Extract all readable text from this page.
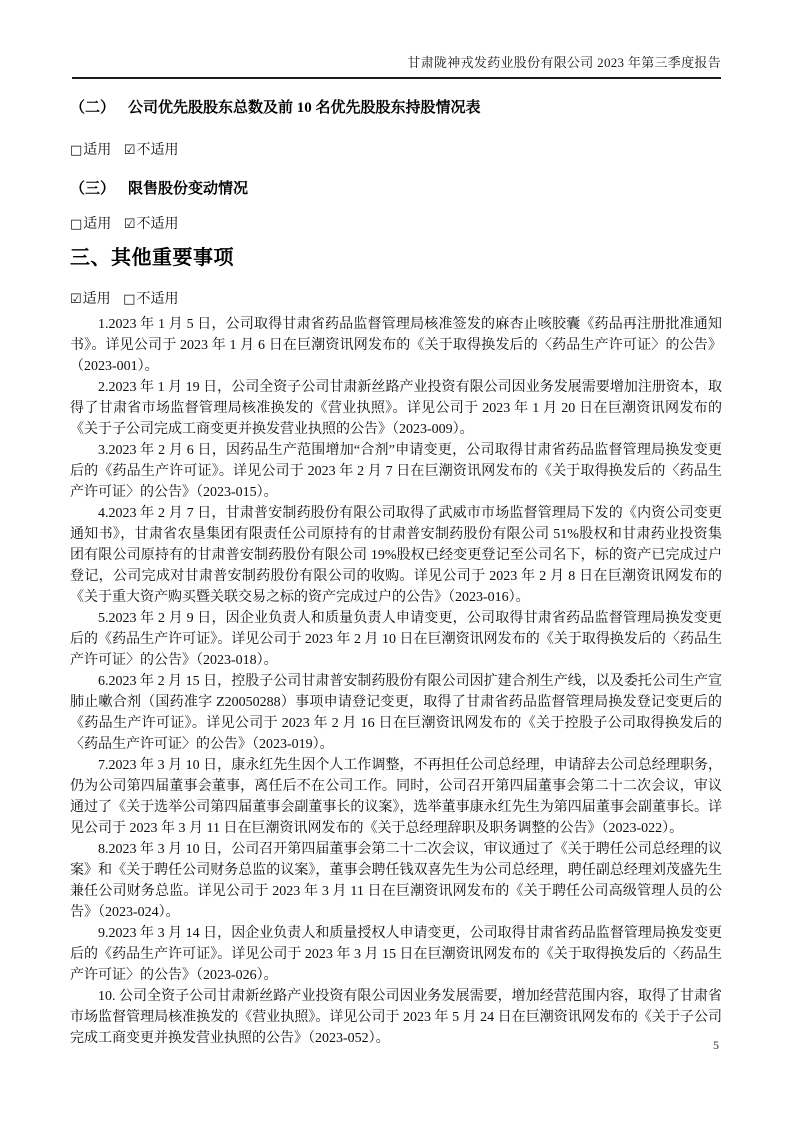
甘肃陇神戎发药业股份有限公司 2023 年第三季度报告
（二） 公司优先股股东总数及前 10 名优先股股东持股情况表
□适用 ☑不适用
（三） 限售股份变动情况
□适用 ☑不适用
三、其他重要事项
☑适用 □不适用

1.2023 年 1 月 5 日，公司取得甘肃省药品监督管理局核准签发的麻杏止咳胶囊《药品再注册批准通知书》。详见公司于 2023 年 1 月 6 日在巨潮资讯网发布的《关于取得换发后的〈药品生产许可证〉的公告》（2023-001）。

2.2023 年 1 月 19 日，公司全资子公司甘肃新丝路产业投资有限公司因业务发展需要增加注册资本，取得了甘肃省市场监督管理局核准换发的《营业执照》。详见公司于 2023 年 1 月 20 日在巨潮资讯网发布的《关于子公司完成工商变更并换发营业执照的公告》（2023-009）。

3.2023 年 2 月 6 日，因药品生产范围增加“合剂”申请变更，公司取得甘肃省药品监督管理局换发变更后的《药品生产许可证》。详见公司于 2023 年 2 月 7 日在巨潮资讯网发布的《关于取得换发后的〈药品生产许可证〉的公告》（2023-015）。

4.2023 年 2 月 7 日，甘肃普安制药股份有限公司取得了武威市市场监督管理局下发的《内资公司变更通知书》，甘肃省农垦集团有限责任公司原持有的甘肃普安制药股份有限公司 51%股权和甘肃药业投资集团有限公司原持有的甘肃普安制药股份有限公司 19%股权已经变更登记至公司名下，标的资产已完成过户登记，公司完成对甘肃普安制药股份有限公司的收购。详见公司于 2023 年 2 月 8 日在巨潮资讯网发布的《关于重大资产购买暨关联交易之标的资产完成过户的公告》（2023-016）。

5.2023 年 2 月 9 日，因企业负责人和质量负责人申请变更，公司取得甘肃省药品监督管理局换发变更后的《药品生产许可证》。详见公司于 2023 年 2 月 10 日在巨潮资讯网发布的《关于取得换发后的〈药品生产许可证〉的公告》（2023-018）。

6.2023 年 2 月 15 日，控股子公司甘肃普安制药股份有限公司因扩建合剂生产线，以及委托公司生产宣肺止嗽合剂（国药准字 Z20050288）事项申请登记变更，取得了甘肃省药品监督管理局换发登记变更后的《药品生产许可证》。详见公司于 2023 年 2 月 16 日在巨潮资讯网发布的《关于控股子公司取得换发后的〈药品生产许可证〉的公告》（2023-019）。

7.2023 年 3 月 10 日，康永红先生因个人工作调整，不再担任公司总经理，申请辞去公司总经理职务，仍为公司第四届董事会董事，离任后不在公司工作。同时，公司召开第四届董事会第二十二次会议，审议通过了《关于选举公司第四届董事会副董事长的议案》，选举董事康永红先生为第四届董事会副董事长。详见公司于 2023 年 3 月 11 日在巨潮资讯网发布的《关于总经理辞职及职务调整的公告》（2023-022）。

8.2023 年 3 月 10 日，公司召开第四届董事会第二十二次会议，审议通过了《关于聘任公司总经理的议案》和《关于聘任公司财务总监的议案》，董事会聘任钱双喜先生为公司总经理，聘任副总经理刘茂盛先生兼任公司财务总监。详见公司于 2023 年 3 月 11 日在巨潮资讯网发布的《关于聘任公司高级管理人员的公告》（2023-024）。

9.2023 年 3 月 14 日，因企业负责人和质量授权人申请变更，公司取得甘肃省药品监督管理局换发变更后的《药品生产许可证》。详见公司于 2023 年 3 月 15 日在巨潮资讯网发布的《关于取得换发后的〈药品生产许可证〉的公告》（2023-026）。

10. 公司全资子公司甘肃新丝路产业投资有限公司因业务发展需要，增加经营范围内容，取得了甘肃省市场监督管理局核准换发的《营业执照》。详见公司于 2023 年 5 月 24 日在巨潮资讯网发布的《关于子公司完成工商变更并换发营业执照的公告》（2023-052）。	5
